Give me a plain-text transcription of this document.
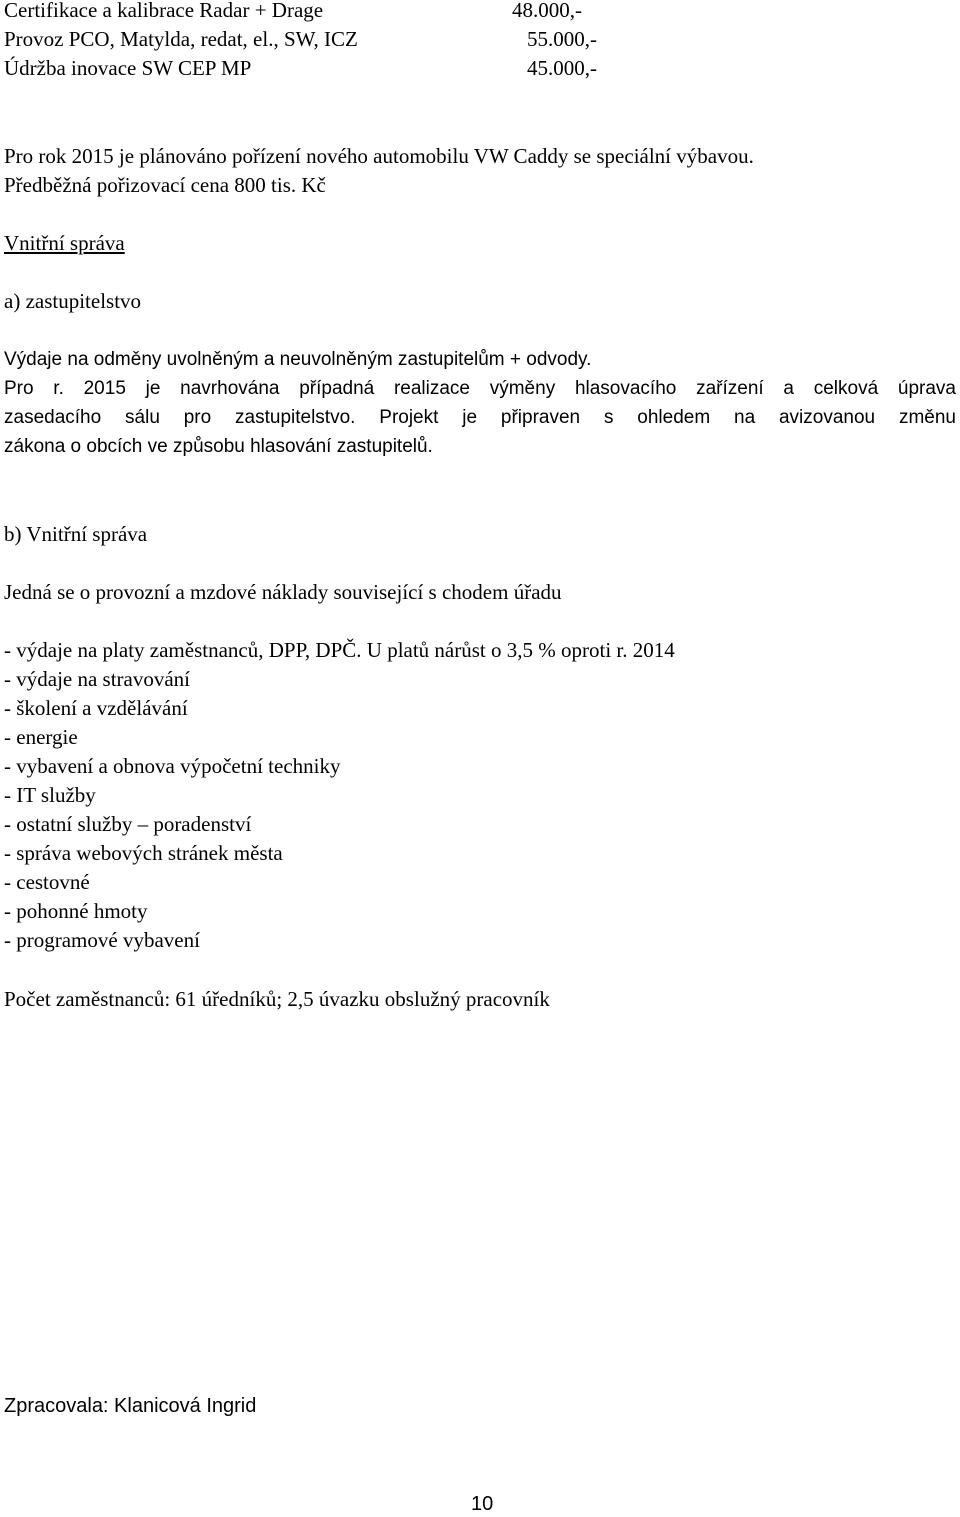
Certifikace a kalibrace Radar + Drage	48.000,-
Provoz PCO, Matylda, redat, el., SW, ICZ	55.000,-
Údržba inovace SW CEP MP	45.000,-
Pro rok 2015 je plánováno pořízení nového automobilu VW Caddy se speciální výbavou.
Předběžná pořizovací cena 800 tis. Kč
Vnitřní správa
a) zastupitelstvo
Výdaje na odměny uvolněným a neuvolněným zastupitelům + odvody.
Pro r. 2015 je navrhována případná realizace výměny hlasovacího zařízení a celková úprava
zasedacího sálu pro zastupitelstvo. Projekt je připraven s ohledem na avizovanou změnu
zákona o obcích ve způsobu hlasování zastupitelů.
b) Vnitřní správa
Jedná se o provozní a mzdové náklady související s chodem úřadu
- výdaje na platy zaměstnanců, DPP, DPČ. U platů nárůst o 3,5 % oproti r. 2014
- výdaje na stravování
- školení a vzdělávání
- energie
- vybavení a obnova výpočetní techniky
- IT služby
- ostatní služby – poradenství
- správa webových stránek města
- cestovné
- pohonné hmoty
- programové vybavení
Počet zaměstnanců: 61 úředníků; 2,5 úvazku obslužný pracovník
Zpracovala: Klanicová Ingrid
10
